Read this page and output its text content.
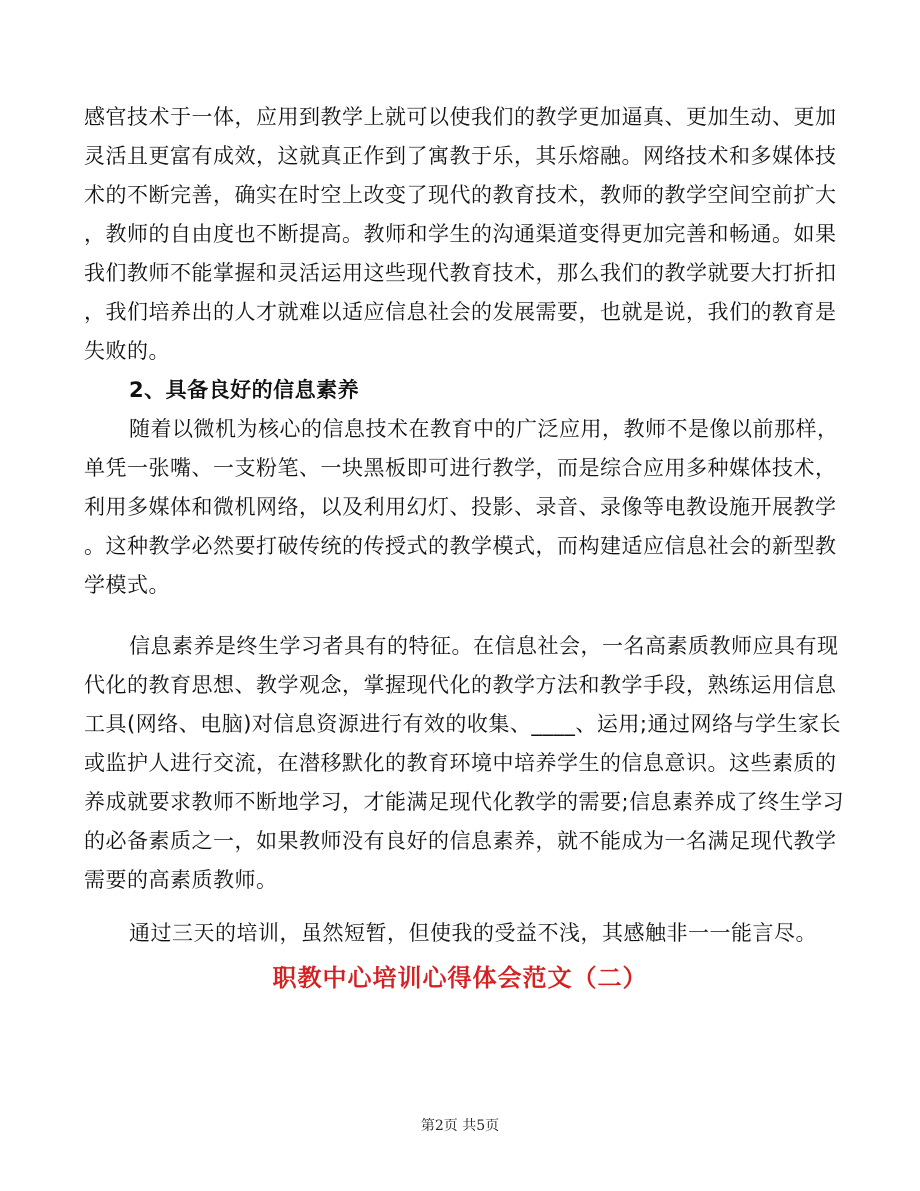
感官技术于一体，应用到教学上就可以使我们的教学更加逼真、更加生动、更加
灵活且更富有成效，这就真正作到了寓教于乐，其乐熔融。网络技术和多媒体技
术的不断完善，确实在时空上改变了现代的教育技术，教师的教学空间空前扩大
，教师的自由度也不断提高。教师和学生的沟通渠道变得更加完善和畅通。如果
我们教师不能掌握和灵活运用这些现代教育技术，那么我们的教学就要大打折扣
，我们培养出的人才就难以适应信息社会的发展需要，也就是说，我们的教育是
失败的。
2、具备良好的信息素养
随着以微机为核心的信息技术在教育中的广泛应用，教师不是像以前那样，
单凭一张嘴、一支粉笔、一块黑板即可进行教学，而是综合应用多种媒体技术，
利用多媒体和微机网络，以及利用幻灯、投影、录音、录像等电教设施开展教学
。这种教学必然要打破传统的传授式的教学模式，而构建适应信息社会的新型教
学模式。
信息素养是终生学习者具有的特征。在信息社会，一名高素质教师应具有现
代化的教育思想、教学观念，掌握现代化的教学方法和教学手段，熟练运用信息
工具(网络、电脑)对信息资源进行有效的收集、____、运用;通过网络与学生家长
或监护人进行交流，在潜移默化的教育环境中培养学生的信息意识。这些素质的
养成就要求教师不断地学习，才能满足现代化教学的需要;信息素养成了终生学习
的必备素质之一，如果教师没有良好的信息素养，就不能成为一名满足现代教学
需要的高素质教师。
通过三天的培训，虽然短暂，但使我的受益不浅，其感触非一一能言尽。
职教中心培训心得体会范文（二）
第2页 共5页
